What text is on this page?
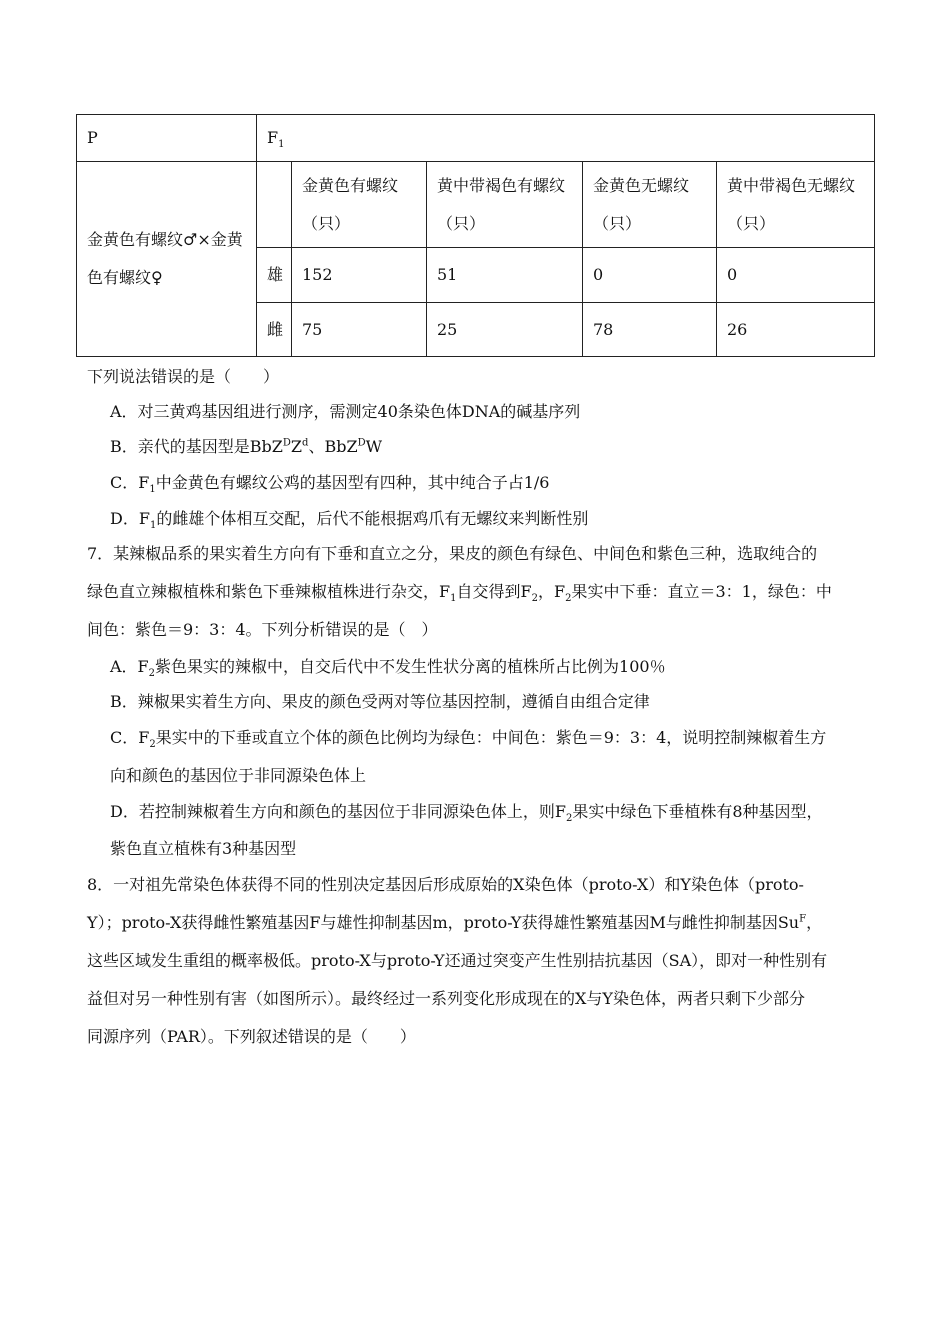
P	$F_1$
金黄色有螺纹♂×金黄色有螺纹♀		金黄色有螺纹（只）	黄中带褐色有螺纹（只）	金黄色无螺纹（只）	黄中带褐色无螺纹（只）
	雄	152	51	0	0
	雌	75	25	78	26
下列说法错误的是（　　）
A．对三黄鸡基因组进行测序，需测定40条染色体DNA的碱基序列
B．亲代的基因型是$BbZ^DZ^d$、BbZ$^D$W
C．$F_1$中金黄色有螺纹公鸡的基因型有四种，其中纯合子占1/6
D．$F_1$的雌雄个体相互交配，后代不能根据鸡爪有无螺纹来判断性别
7．某辣椒品系的果实着生方向有下垂和直立之分，果皮的颜色有绿色、中间色和紫色三种，选取纯合的
绿色直立辣椒植株和紫色下垂辣椒植株进行杂交，$F_1$自交得到$F_2$，$F_2$果实中下垂：直立＝3：1，绿色：中
间色：紫色＝9：3：4。下列分析错误的是（　）
A．$F_2$紫色果实的辣椒中，自交后代中不发生性状分离的植株所占比例为100％
B．辣椒果实着生方向、果皮的颜色受两对等位基因控制，遵循自由组合定律
C．$F_2$果实中的下垂或直立个体的颜色比例均为绿色：中间色：紫色＝9：3：4，说明控制辣椒着生方
向和颜色的基因位于非同源染色体上
D．若控制辣椒着生方向和颜色的基因位于非同源染色体上，则$F_2$果实中绿色下垂植株有8种基因型，
紫色直立植株有3种基因型
8．一对祖先常染色体获得不同的性别决定基因后形成原始的X染色体（proto-X）和Y染色体（proto-
Y）；proto-X获得雌性繁殖基因F与雄性抑制基因m，proto-Y获得雄性繁殖基因M与雌性抑制基因$Su^F$，
这些区域发生重组的概率极低。proto-X与proto-Y还通过突变产生性别拮抗基因（SA），即对一种性别有
益但对另一种性别有害（如图所示）。最终经过一系列变化形成现在的X与Y染色体，两者只剩下少部分
同源序列（PAR）。下列叙述错误的是（　　）
